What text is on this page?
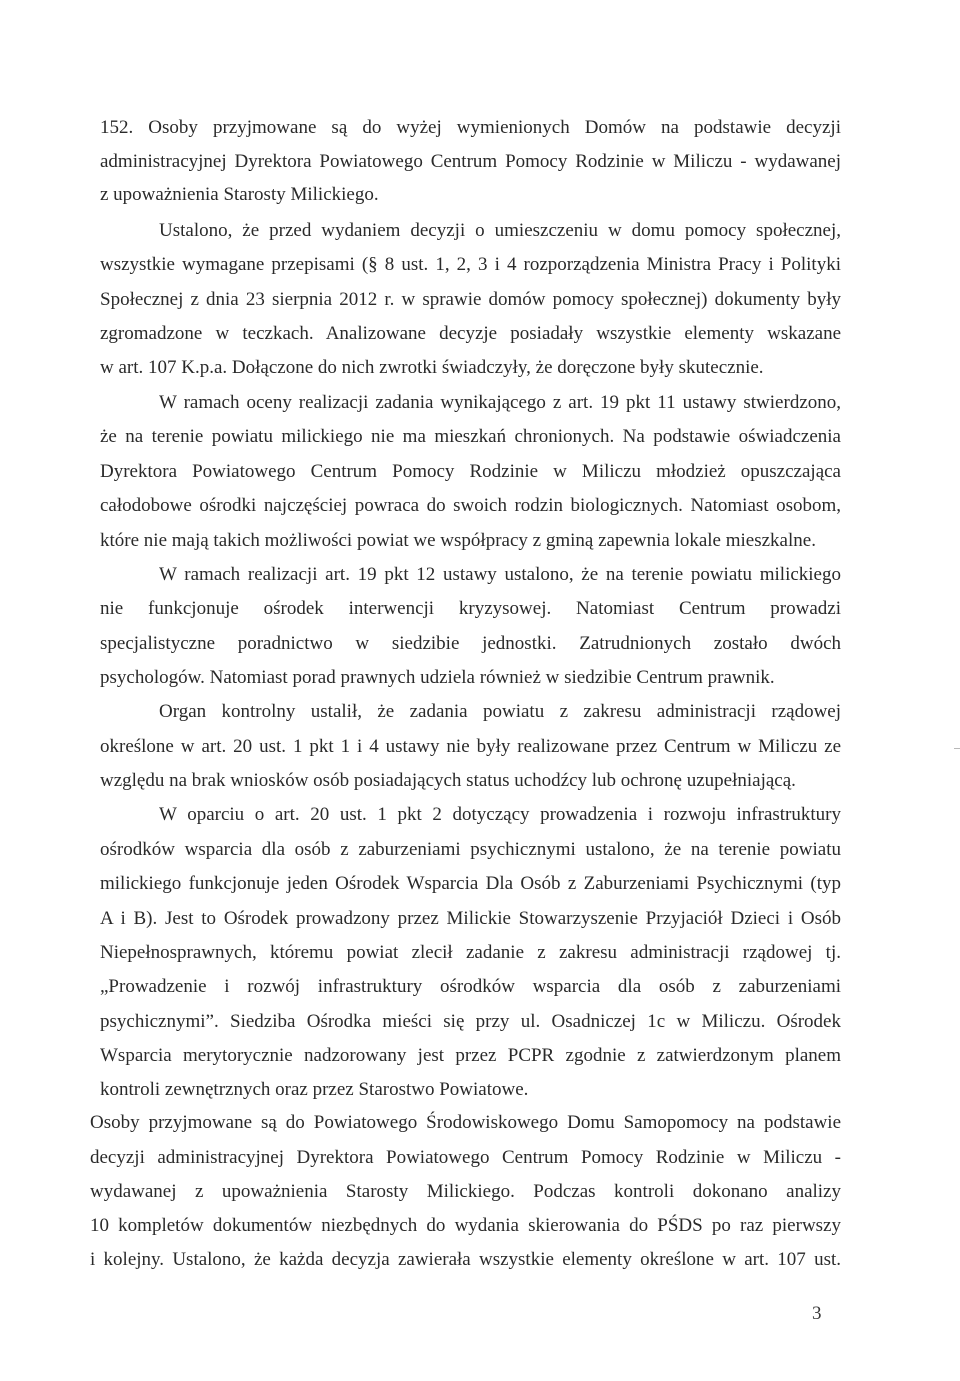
152. Osoby przyjmowane są do wyżej wymienionych Domów na podstawie decyzji
administracyjnej Dyrektora Powiatowego Centrum Pomocy Rodzinie w Miliczu - wydawanej
z upoważnienia Starosty Milickiego.
Ustalono, że przed wydaniem decyzji o umieszczeniu w domu pomocy społecznej,
wszystkie wymagane przepisami (§ 8 ust. 1, 2, 3 i 4 rozporządzenia Ministra Pracy i Polityki
Społecznej z dnia 23 sierpnia 2012 r. w sprawie domów pomocy społecznej) dokumenty były
zgromadzone w teczkach. Analizowane decyzje posiadały wszystkie elementy wskazane
w art. 107 K.p.a. Dołączone do nich zwrotki świadczyły, że doręczone były skutecznie.
W ramach oceny realizacji zadania wynikającego z art. 19 pkt 11 ustawy stwierdzono,
że na terenie powiatu milickiego nie ma mieszkań chronionych. Na podstawie oświadczenia
Dyrektora Powiatowego Centrum Pomocy Rodzinie w Miliczu młodzież opuszczająca
całodobowe ośrodki najczęściej powraca do swoich rodzin biologicznych. Natomiast osobom,
które nie mają takich możliwości powiat we współpracy z gminą zapewnia lokale mieszkalne.
W ramach realizacji art. 19 pkt 12 ustawy ustalono, że na terenie powiatu milickiego
nie funkcjonuje ośrodek interwencji kryzysowej. Natomiast Centrum prowadzi
specjalistyczne poradnictwo w siedzibie jednostki. Zatrudnionych zostało dwóch
psychologów. Natomiast porad prawnych udziela również w siedzibie Centrum prawnik.
Organ kontrolny ustalił, że zadania powiatu z zakresu administracji rządowej
określone w art. 20 ust. 1 pkt 1 i 4 ustawy nie były realizowane przez Centrum w Miliczu ze
względu na brak wniosków osób posiadających status uchodźcy lub ochronę uzupełniającą.
W oparciu o art. 20 ust. 1 pkt 2 dotyczący prowadzenia i rozwoju infrastruktury
ośrodków wsparcia dla osób z zaburzeniami psychicznymi ustalono, że na terenie powiatu
milickiego funkcjonuje jeden Ośrodek Wsparcia Dla Osób z Zaburzeniami Psychicznymi (typ
A i B). Jest to Ośrodek prowadzony przez Milickie Stowarzyszenie Przyjaciół Dzieci i Osób
Niepełnosprawnych, któremu powiat zlecił zadanie z zakresu administracji rządowej tj.
„Prowadzenie i rozwój infrastruktury ośrodków wsparcia dla osób z zaburzeniami
psychicznymi”. Siedziba Ośrodka mieści się przy ul. Osadniczej 1c w Miliczu. Ośrodek
Wsparcia merytorycznie nadzorowany jest przez PCPR zgodnie z zatwierdzonym planem
kontroli zewnętrznych oraz przez Starostwo Powiatowe.
Osoby przyjmowane są do Powiatowego Środowiskowego Domu Samopomocy na podstawie
decyzji administracyjnej Dyrektora Powiatowego Centrum Pomocy Rodzinie w Miliczu -
wydawanej z upoważnienia Starosty Milickiego. Podczas kontroli dokonano analizy
10 kompletów dokumentów niezbędnych do wydania skierowania do PŚDS po raz pierwszy
i kolejny. Ustalono, że każda decyzja zawierała wszystkie elementy określone w art. 107 ust.
3
